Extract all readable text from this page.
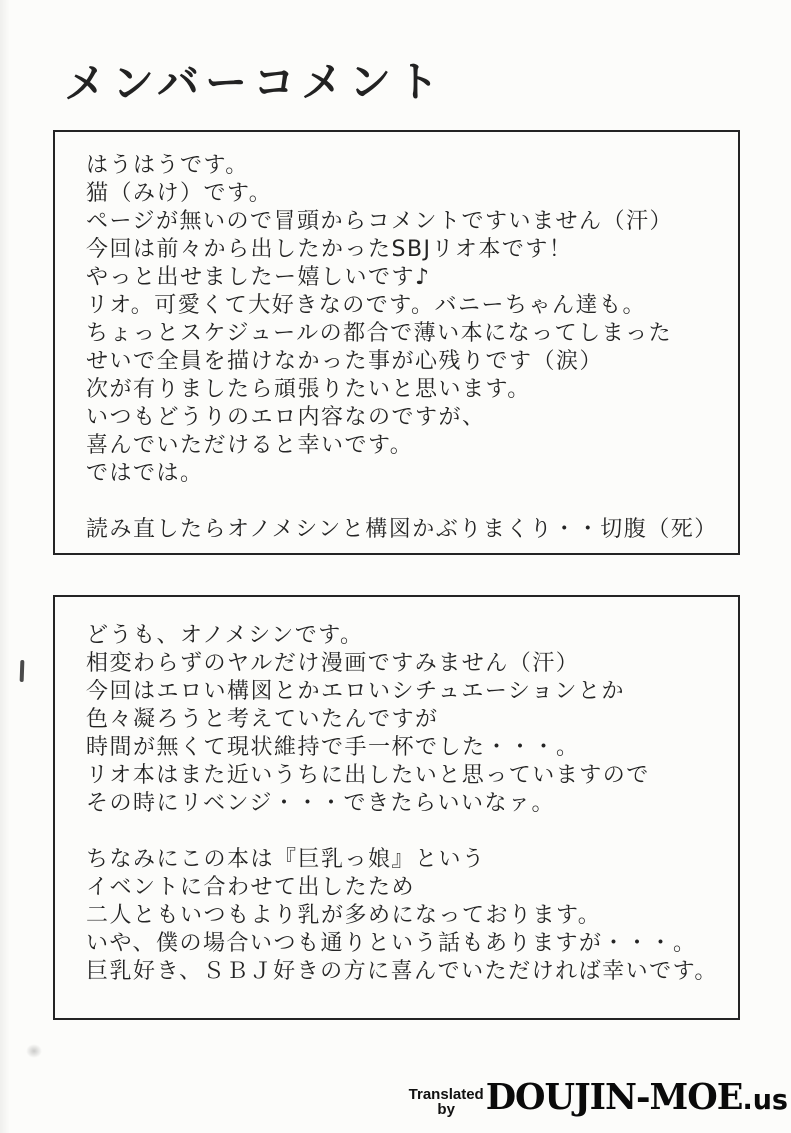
メンバーコメント
はうはうです。
猫（みけ）です。
ページが無いので冒頭からコメントですいません（汗）
今回は前々から出したかったSBJリオ本です！
やっと出せましたー嬉しいです♪
リオ。可愛くて大好きなのです。バニーちゃん達も。
ちょっとスケジュールの都合で薄い本になってしまった
せいで全員を描けなかった事が心残りです（涙）
次が有りましたら頑張りたいと思います。
いつもどうりのエロ内容なのですが、
喜んでいただけると幸いです。
ではでは。
読み直したらオノメシンと構図かぶりまくり・・切腹（死）
どうも、オノメシンです。
相変わらずのヤルだけ漫画ですみません（汗）
今回はエロい構図とかエロいシチュエーションとか
色々凝ろうと考えていたんですが
時間が無くて現状維持で手一杯でした・・・。
リオ本はまた近いうちに出したいと思っていますので
その時にリベンジ・・・できたらいいなァ。
ちなみにこの本は『巨乳っ娘』という
イベントに合わせて出したため
二人ともいつもより乳が多めになっております。
いや、僕の場合いつも通りという話もありますが・・・。
巨乳好き、ＳＢＪ好きの方に喜んでいただければ幸いです。
Translated
by DOUJIN-MOE.us
